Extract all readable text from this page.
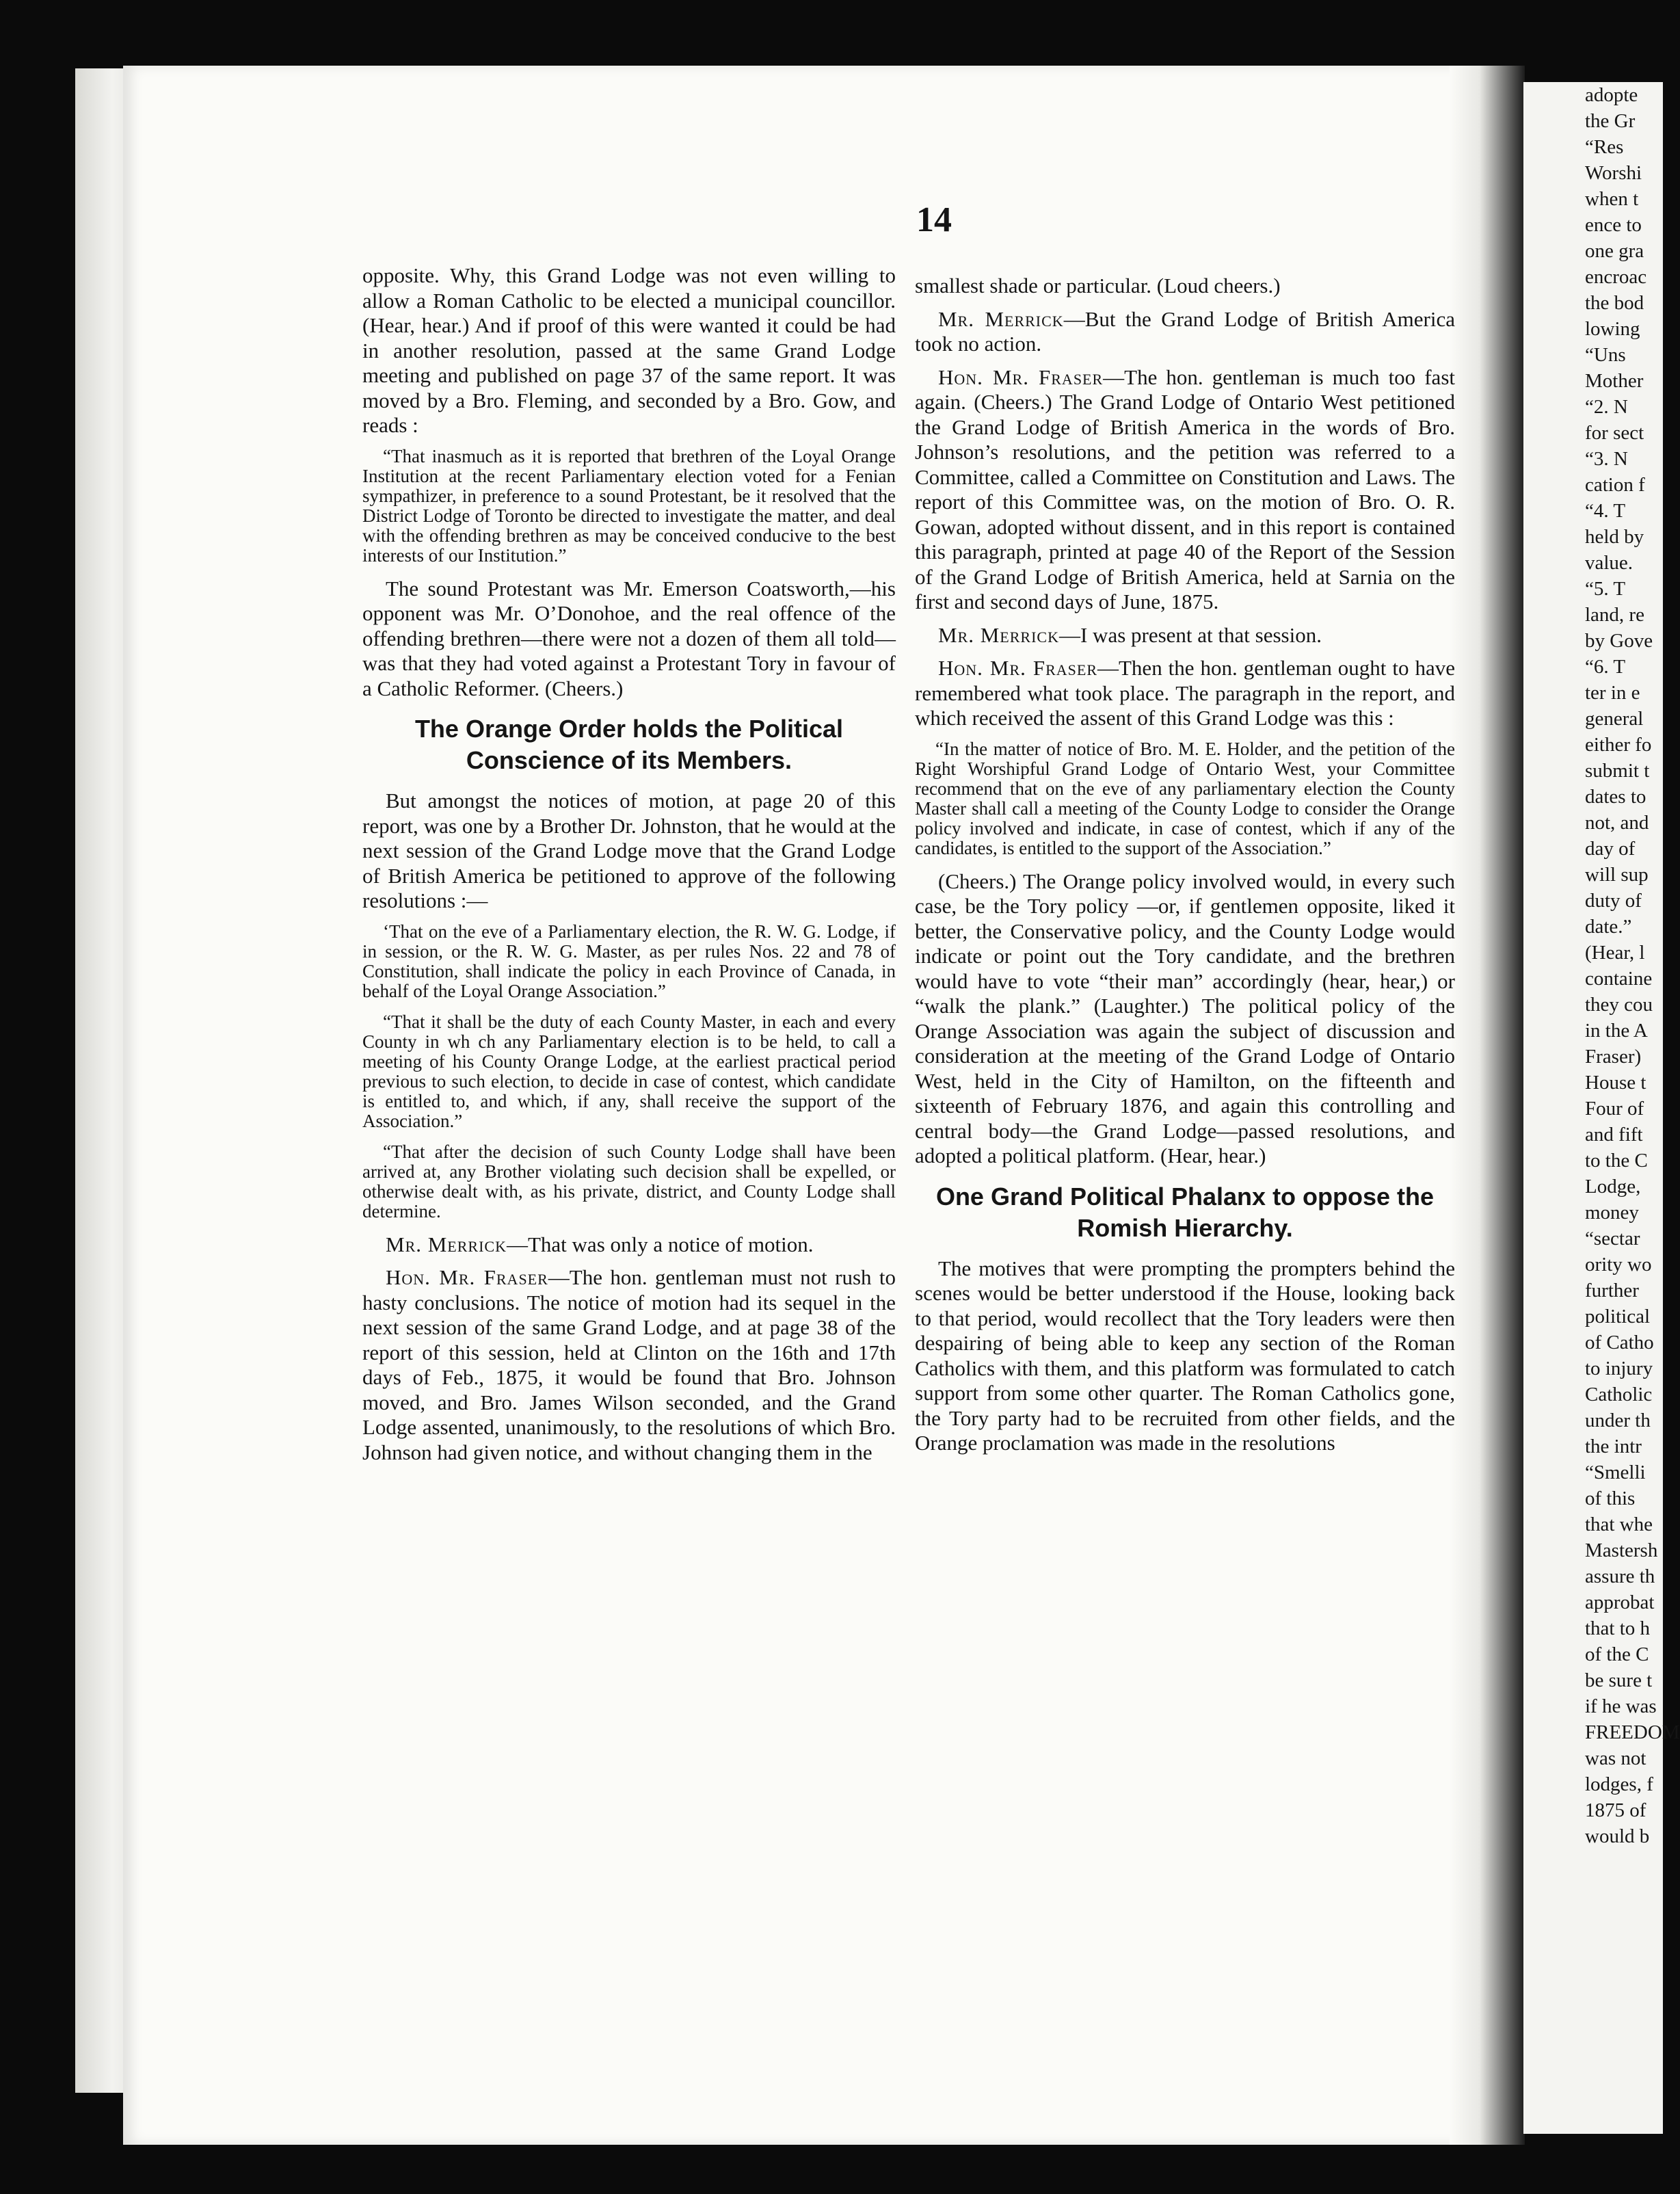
14

opposite. Why, this Grand Lodge was not even willing to allow a Roman Catholic to be elected a municipal councillor. (Hear, hear.) And if proof of this were wanted it could be had in another resolution, passed at the same Grand Lodge meeting and published on page 37 of the same report. It was moved by a Bro. Fleming, and seconded by a Bro. Gow, and reads :

“That inasmuch as it is reported that brethren of the Loyal Orange Institution at the recent Parliamentary election voted for a Fenian sympathizer, in preference to a sound Protestant, be it resolved that the District Lodge of Toronto be directed to investigate the matter, and deal with the offending brethren as may be conceived conducive to the best interests of our Institution.”

The sound Protestant was Mr. Emerson Coatsworth,—his opponent was Mr. O’Donohoe, and the real offence of the offending brethren—there were not a dozen of them all told—was that they had voted against a Protestant Tory in favour of a Catholic Reformer. (Cheers.)

The Orange Order holds the Political Conscience of its Members.

But amongst the notices of motion, at page 20 of this report, was one by a Brother Dr. Johnston, that he would at the next session of the Grand Lodge move that the Grand Lodge of British America be petitioned to approve of the following resolutions :—

‘That on the eve of a Parliamentary election, the R. W. G. Lodge, if in session, or the R. W. G. Master, as per rules Nos. 22 and 78 of Constitution, shall indicate the policy in each Province of Canada, in behalf of the Loyal Orange Association.”

“That it shall be the duty of each County Master, in each and every County in wh ch any Parliamentary election is to be held, to call a meeting of his County Orange Lodge, at the earliest practical period previous to such election, to decide in case of contest, which candidate is entitled to, and which, if any, shall receive the support of the Association.”

“That after the decision of such County Lodge shall have been arrived at, any Brother violating such decision shall be expelled, or otherwise dealt with, as his private, district, and County Lodge shall determine.

Mr. Merrick—That was only a notice of motion.

Hon. Mr. Fraser—The hon. gentleman must not rush to hasty conclusions. The notice of motion had its sequel in the next session of the same Grand Lodge, and at page 38 of the report of this session, held at Clinton on the 16th and 17th days of Feb., 1875, it would be found that Bro. Johnson moved, and Bro. James Wilson seconded, and the Grand Lodge assented, unanimously, to the resolutions of which Bro. Johnson had given notice, and without changing them in the

smallest shade or particular. (Loud cheers.)

Mr. Merrick—But the Grand Lodge of British America took no action.

Hon. Mr. Fraser—The hon. gentleman is much too fast again. (Cheers.) The Grand Lodge of Ontario West petitioned the Grand Lodge of British America in the words of Bro. Johnson’s resolutions, and the petition was referred to a Committee, called a Committee on Constitution and Laws. The report of this Committee was, on the motion of Bro. O. R. Gowan, adopted without dissent, and in this report is contained this paragraph, printed at page 40 of the Report of the Session of the Grand Lodge of British America, held at Sarnia on the first and second days of June, 1875.

Mr. Merrick—I was present at that session.

Hon. Mr. Fraser—Then the hon. gentleman ought to have remembered what took place. The paragraph in the report, and which received the assent of this Grand Lodge was this :

“In the matter of notice of Bro. M. E. Holder, and the petition of the Right Worshipful Grand Lodge of Ontario West, your Committee recommend that on the eve of any parliamentary election the County Master shall call a meeting of the County Lodge to consider the Orange policy involved and indicate, in case of contest, which if any of the candidates, is entitled to the support of the Association.”

(Cheers.) The Orange policy involved would, in every such case, be the Tory policy —or, if gentlemen opposite, liked it better, the Conservative policy, and the County Lodge would indicate or point out the Tory candidate, and the brethren would have to vote “their man” accordingly (hear, hear,) or “walk the plank.” (Laughter.) The political policy of the Orange Association was again the subject of discussion and consideration at the meeting of the Grand Lodge of Ontario West, held in the City of Hamilton, on the fifteenth and sixteenth of February 1876, and again this controlling and central body—the Grand Lodge—passed resolutions, and adopted a political platform. (Hear, hear.)

One Grand Political Phalanx to oppose the Romish Hierarchy.

The motives that were prompting the prompters behind the scenes would be better understood if the House, looking back to that period, would recollect that the Tory leaders were then despairing of being able to keep any section of the Roman Catholics with them, and this platform was formulated to catch support from some other quarter. The Roman Catholics gone, the Tory party had to be recruited from other fields, and the Orange proclamation was made in the resolutions

adopte
the Gr
“Res
Worshi
when t
ence to
one gra
encroac
the bod
lowing
“Uns
Mother
“2. N
for sect
“3. N
cation f
“4. T
held by
value.
“5. T
land, re
by Gove
“6. T
ter in e
general
either fo
submit t
dates to
not, and
day of
will sup
duty of
date.”
(Hear, l
containe
they cou
in the A
Fraser)
House t
Four of
and fift
to the C
Lodge,
money
“sectar
ority wo
further
political
of Catho
to injury
Catholic
under th
the intr
“Smelli
of this
that whe
Mastersh
assure th
approbat
that to h
of the C
be sure t
if he was
FREEDOM
was not
lodges, f
1875 of
would b
